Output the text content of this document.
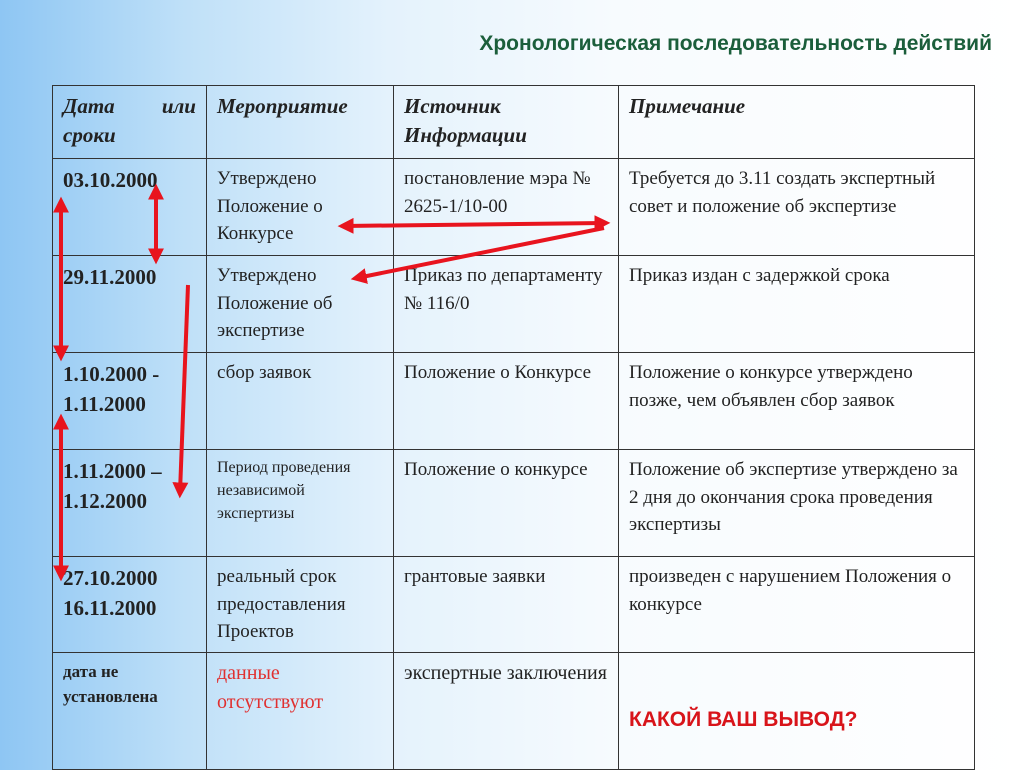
Хронологическая последовательность действий
Дата или сроки	Мероприятие	Источник Информации	Примечание
03.10.2000	Утверждено Положение о Конкурсе	постановление мэра № 2625-1/10-00	Требуется до 3.11 создать экспертный совет и положение об экспертизе
29.11.2000	Утверждено Положение об экспертизе	Приказ по департаменту № 116/0	Приказ издан с задержкой срока
1.10.2000 - 1.11.2000	сбор заявок	Положение о Конкурсе	Положение о конкурсе утверждено позже, чем объявлен сбор заявок
1.11.2000 – 1.12.2000	Период проведения независимой экспертизы	Положение о конкурсе	Положение об экспертизе утверждено за 2 дня до окончания срока проведения экспертизы
27.10.2000 16.11.2000	реальный срок предоставления Проектов	грантовые заявки	произведен с нарушением Положения о конкурсе
дата не установлена	данные отсутствуют	экспертные заключения	КАКОЙ ВАШ ВЫВОД?
